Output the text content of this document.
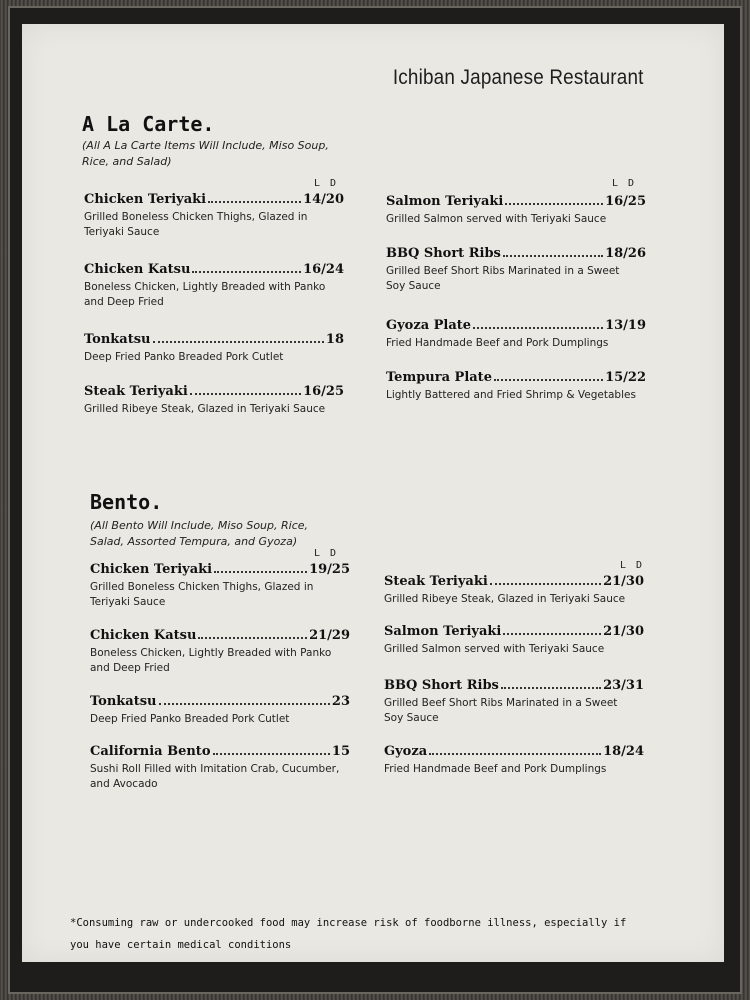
Ichiban Japanese Restaurant
A La Carte.
(All A La Carte Items Will Include, Miso Soup, Rice, and Salad)
L D	L D
Chicken Teriyaki	14/20
Grilled Boneless Chicken Thighs, Glazed in Teriyaki Sauce
Chicken Katsu	16/24
Boneless Chicken, Lightly Breaded with Panko and Deep Fried
Tonkatsu	18
Deep Fried Panko Breaded Pork Cutlet
Steak Teriyaki	16/25
Grilled Ribeye Steak, Glazed in Teriyaki Sauce
Salmon Teriyaki	16/25
Grilled Salmon served with Teriyaki Sauce
BBQ Short Ribs	18/26
Grilled Beef Short Ribs Marinated in a Sweet Soy Sauce
Gyoza Plate	13/19
Fried Handmade Beef and Pork Dumplings
Tempura Plate	15/22
Lightly Battered and Fried Shrimp & Vegetables
Bento.
(All Bento Will Include, Miso Soup, Rice, Salad, Assorted Tempura, and Gyoza)
L D
L D
Chicken Teriyaki	19/25
Grilled Boneless Chicken Thighs, Glazed in Teriyaki Sauce
Chicken Katsu	21/29
Boneless Chicken, Lightly Breaded with Panko and Deep Fried
Tonkatsu	23
Deep Fried Panko Breaded Pork Cutlet
California Bento	15
Sushi Roll Filled with Imitation Crab, Cucumber, and Avocado
Steak Teriyaki	21/30
Grilled Ribeye Steak, Glazed in Teriyaki Sauce
Salmon Teriyaki	21/30
Grilled Salmon served with Teriyaki Sauce
BBQ Short Ribs	23/31
Grilled Beef Short Ribs Marinated in a Sweet Soy Sauce
Gyoza	18/24
Fried Handmade Beef and Pork Dumplings
*Consuming raw or undercooked food may increase risk of foodborne illness, especially if you have certain medical conditions
